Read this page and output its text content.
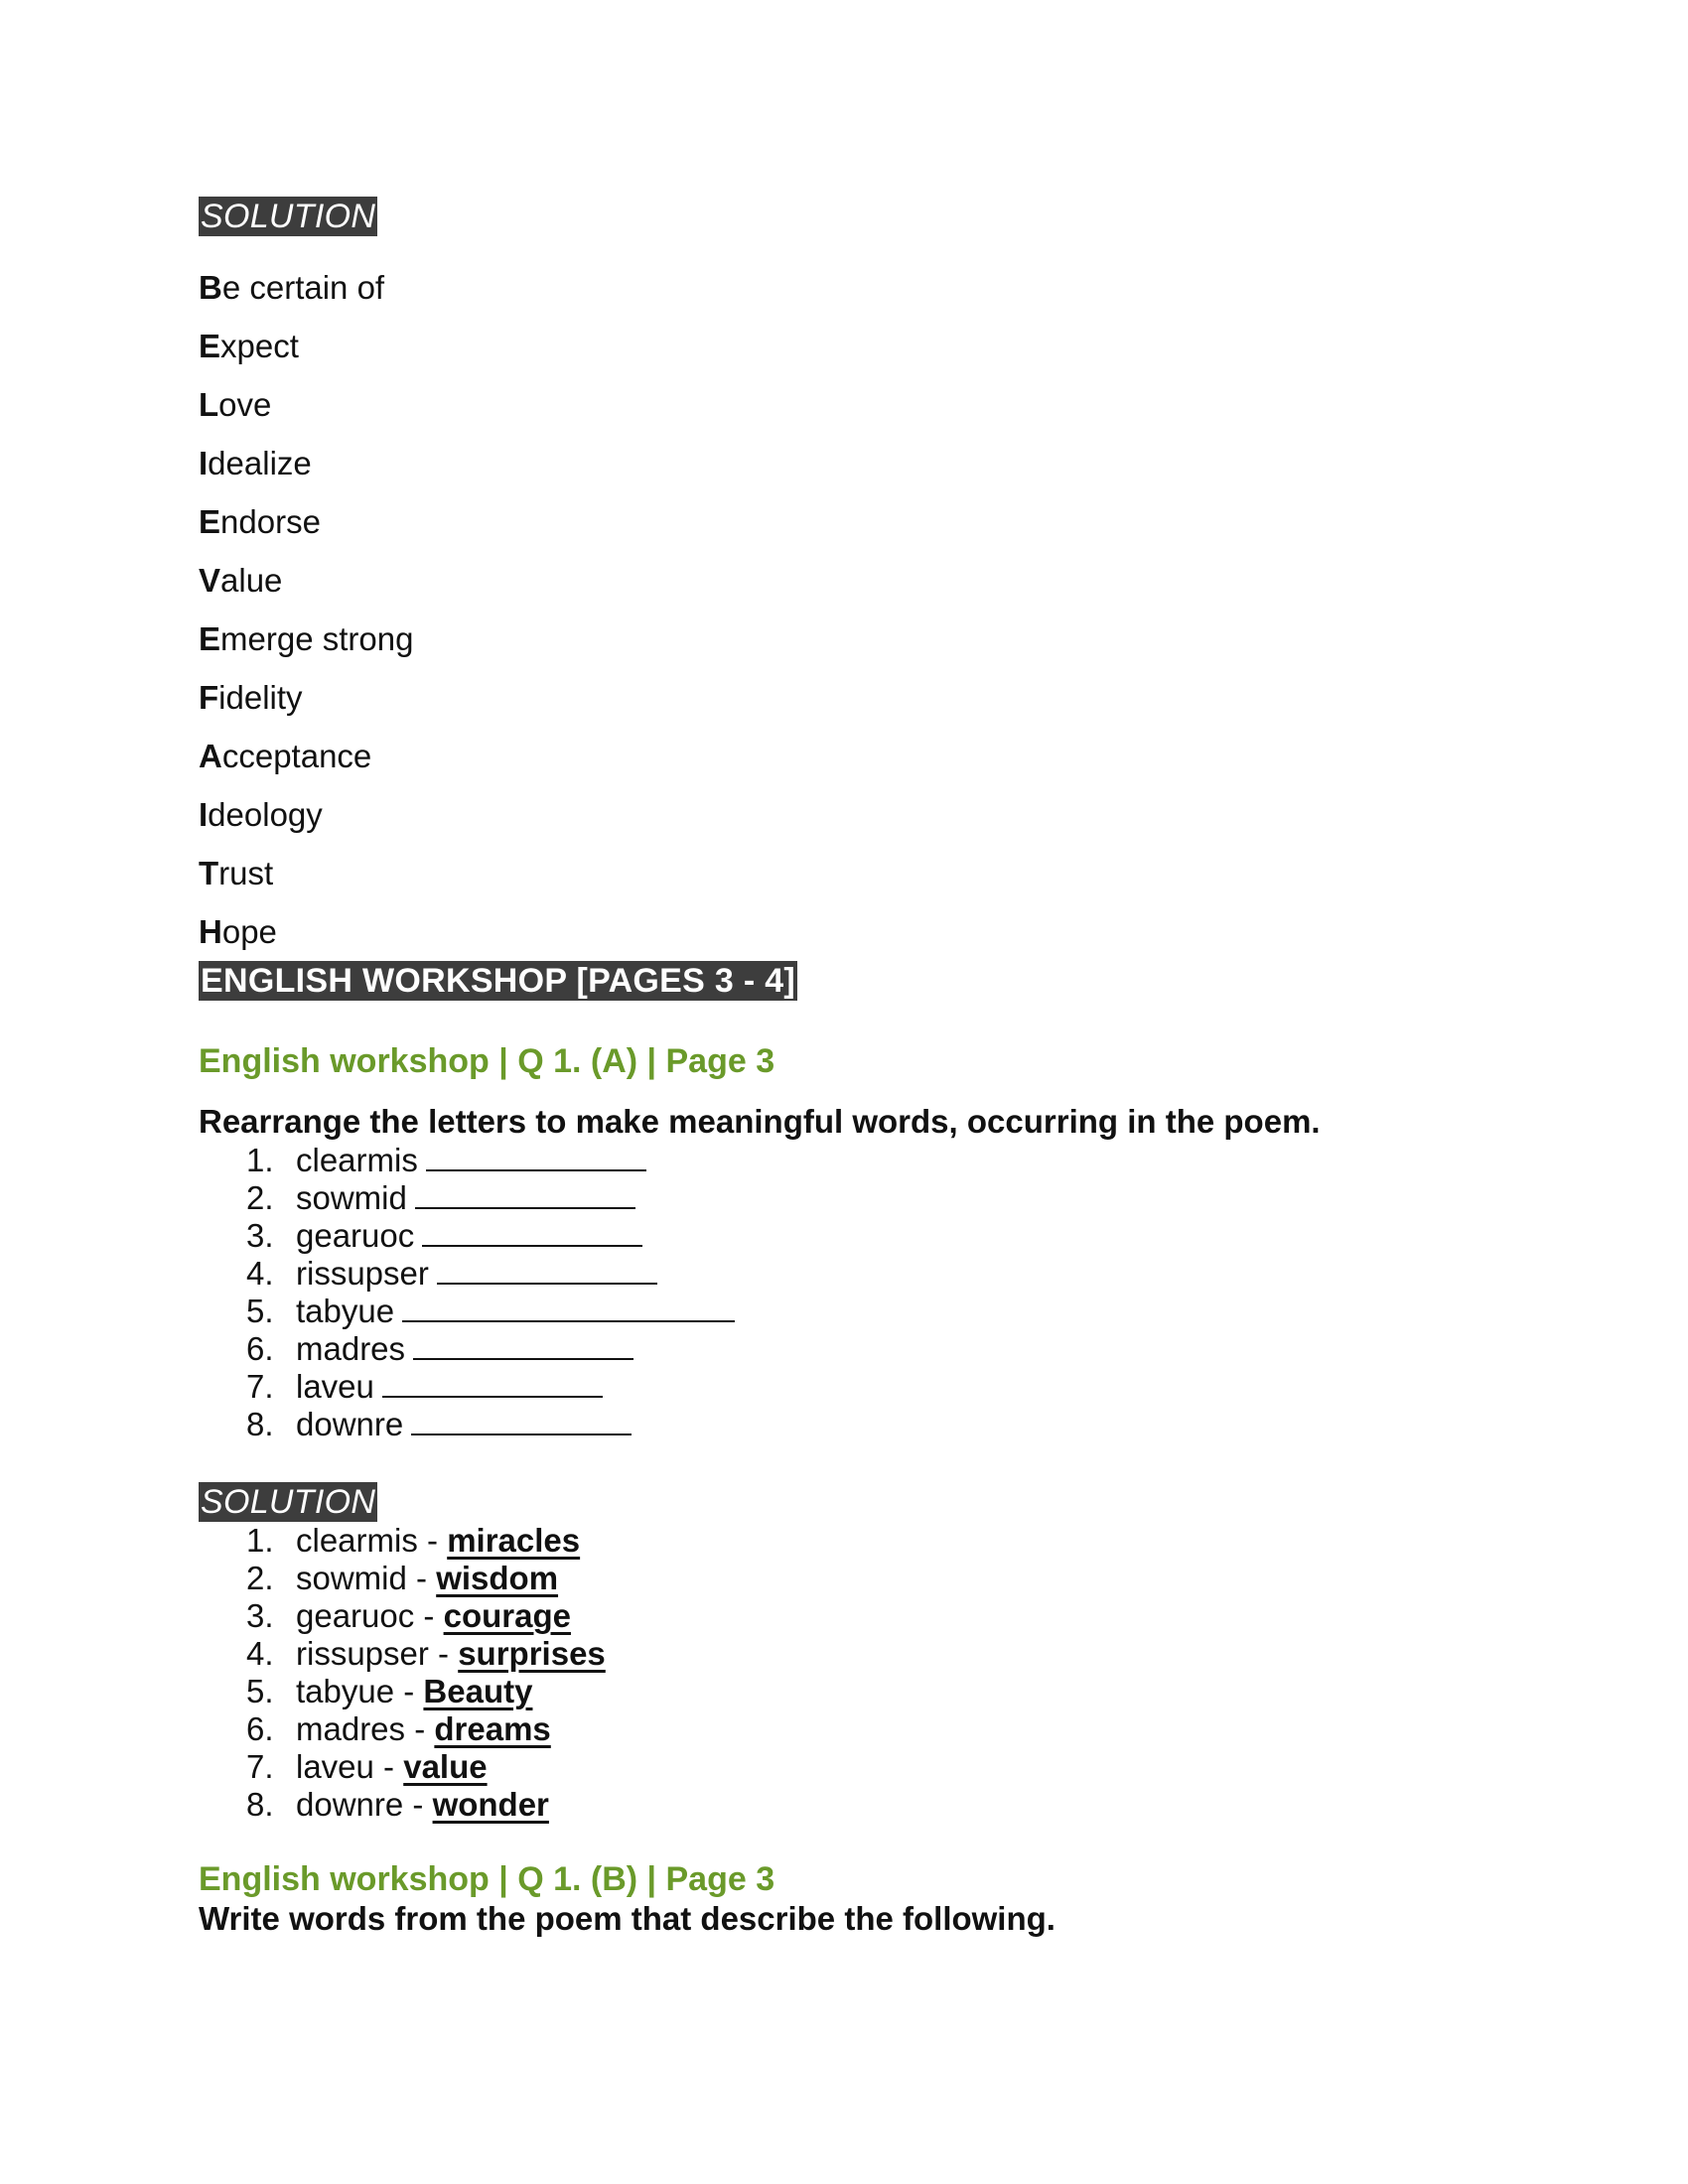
SOLUTION
Be certain of
Expect
Love
Idealize
Endorse
Value
Emerge strong
Fidelity
Acceptance
Ideology
Trust
Hope
ENGLISH WORKSHOP [PAGES 3 - 4]
English workshop | Q 1. (A) | Page 3
Rearrange the letters to make meaningful words, occurring in the poem.
1. clearmis
2. sowmid
3. gearuoc
4. rissupser
5. tabyue
6. madres
7. laveu
8. downre
SOLUTION
1. clearmis - miracles
2. sowmid - wisdom
3. gearuoc - courage
4. rissupser - surprises
5. tabyue - Beauty
6. madres - dreams
7. laveu - value
8. downre - wonder
English workshop | Q 1. (B) | Page 3
Write words from the poem that describe the following.
